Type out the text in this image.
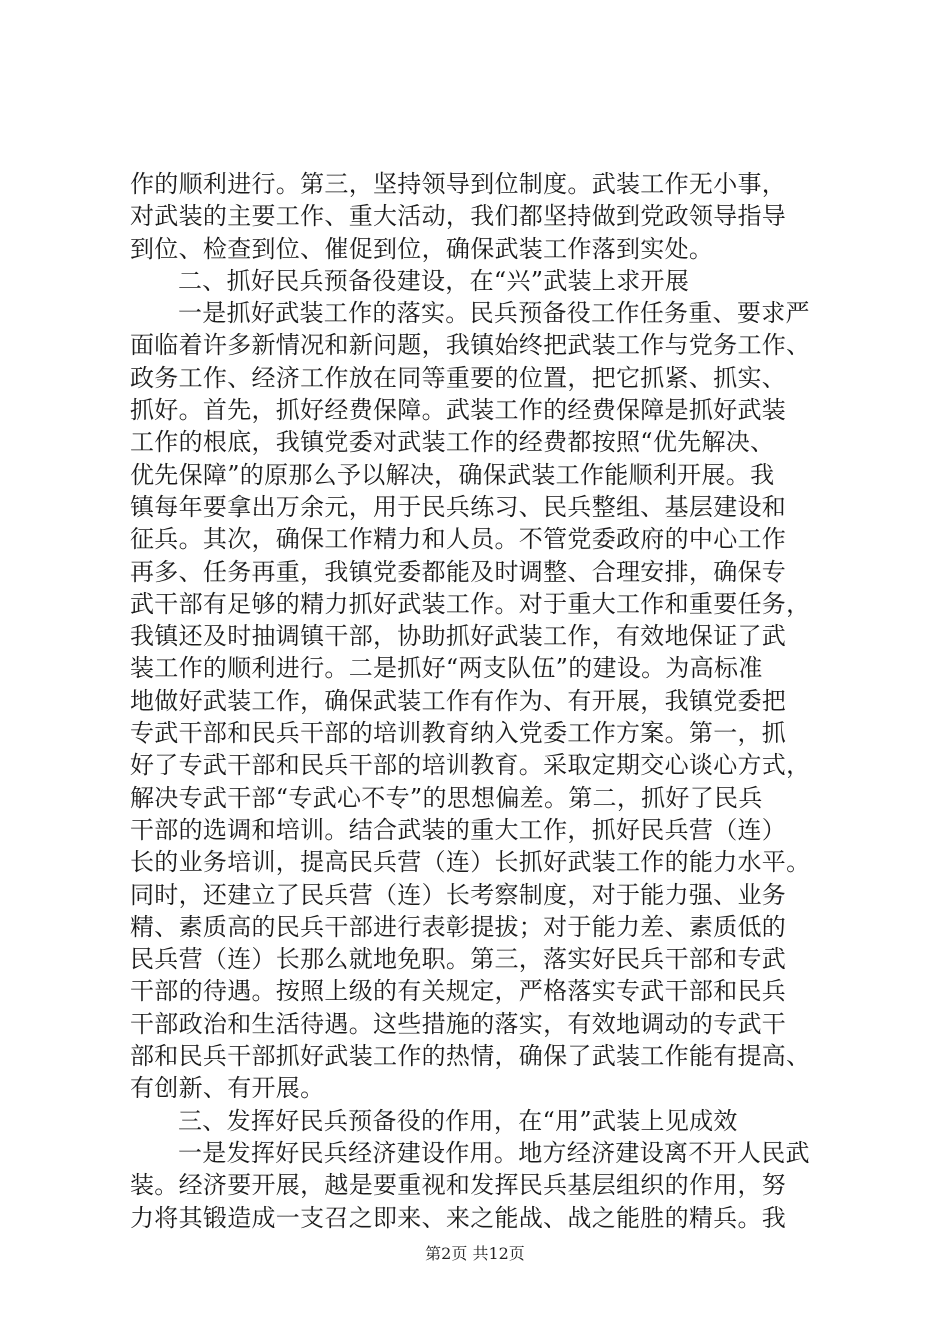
作的顺利进行。第三，坚持领导到位制度。武装工作无小事，
对武装的主要工作、重大活动，我们都坚持做到党政领导指导
到位、检查到位、催促到位，确保武装工作落到实处。
二、抓好民兵预备役建设，在“兴”武装上求开展
一是抓好武装工作的落实。民兵预备役工作任务重、要求严
面临着许多新情况和新问题，我镇始终把武装工作与党务工作、
政务工作、经济工作放在同等重要的位置，把它抓紧、抓实、
抓好。首先，抓好经费保障。武装工作的经费保障是抓好武装
工作的根底，我镇党委对武装工作的经费都按照“优先解决、
优先保障”的原那么予以解决，确保武装工作能顺利开展。我
镇每年要拿出万余元，用于民兵练习、民兵整组、基层建设和
征兵。其次，确保工作精力和人员。不管党委政府的中心工作
再多、任务再重，我镇党委都能及时调整、合理安排，确保专
武干部有足够的精力抓好武装工作。对于重大工作和重要任务，
我镇还及时抽调镇干部，协助抓好武装工作，有效地保证了武
装工作的顺利进行。二是抓好“两支队伍”的建设。为高标准
地做好武装工作，确保武装工作有作为、有开展，我镇党委把
专武干部和民兵干部的培训教育纳入党委工作方案。第一，抓
好了专武干部和民兵干部的培训教育。采取定期交心谈心方式，
解决专武干部“专武心不专”的思想偏差。第二，抓好了民兵
干部的选调和培训。结合武装的重大工作，抓好民兵营（连）
长的业务培训，提高民兵营（连）长抓好武装工作的能力水平。
同时，还建立了民兵营（连）长考察制度，对于能力强、业务
精、素质高的民兵干部进行表彰提拔；对于能力差、素质低的
民兵营（连）长那么就地免职。第三，落实好民兵干部和专武
干部的待遇。按照上级的有关规定，严格落实专武干部和民兵
干部政治和生活待遇。这些措施的落实，有效地调动的专武干
部和民兵干部抓好武装工作的热情，确保了武装工作能有提高、
有创新、有开展。
三、发挥好民兵预备役的作用，在“用”武装上见成效
一是发挥好民兵经济建设作用。地方经济建设离不开人民武
装。经济要开展，越是要重视和发挥民兵基层组织的作用，努
力将其锻造成一支召之即来、来之能战、战之能胜的精兵。我
第2页 共12页
